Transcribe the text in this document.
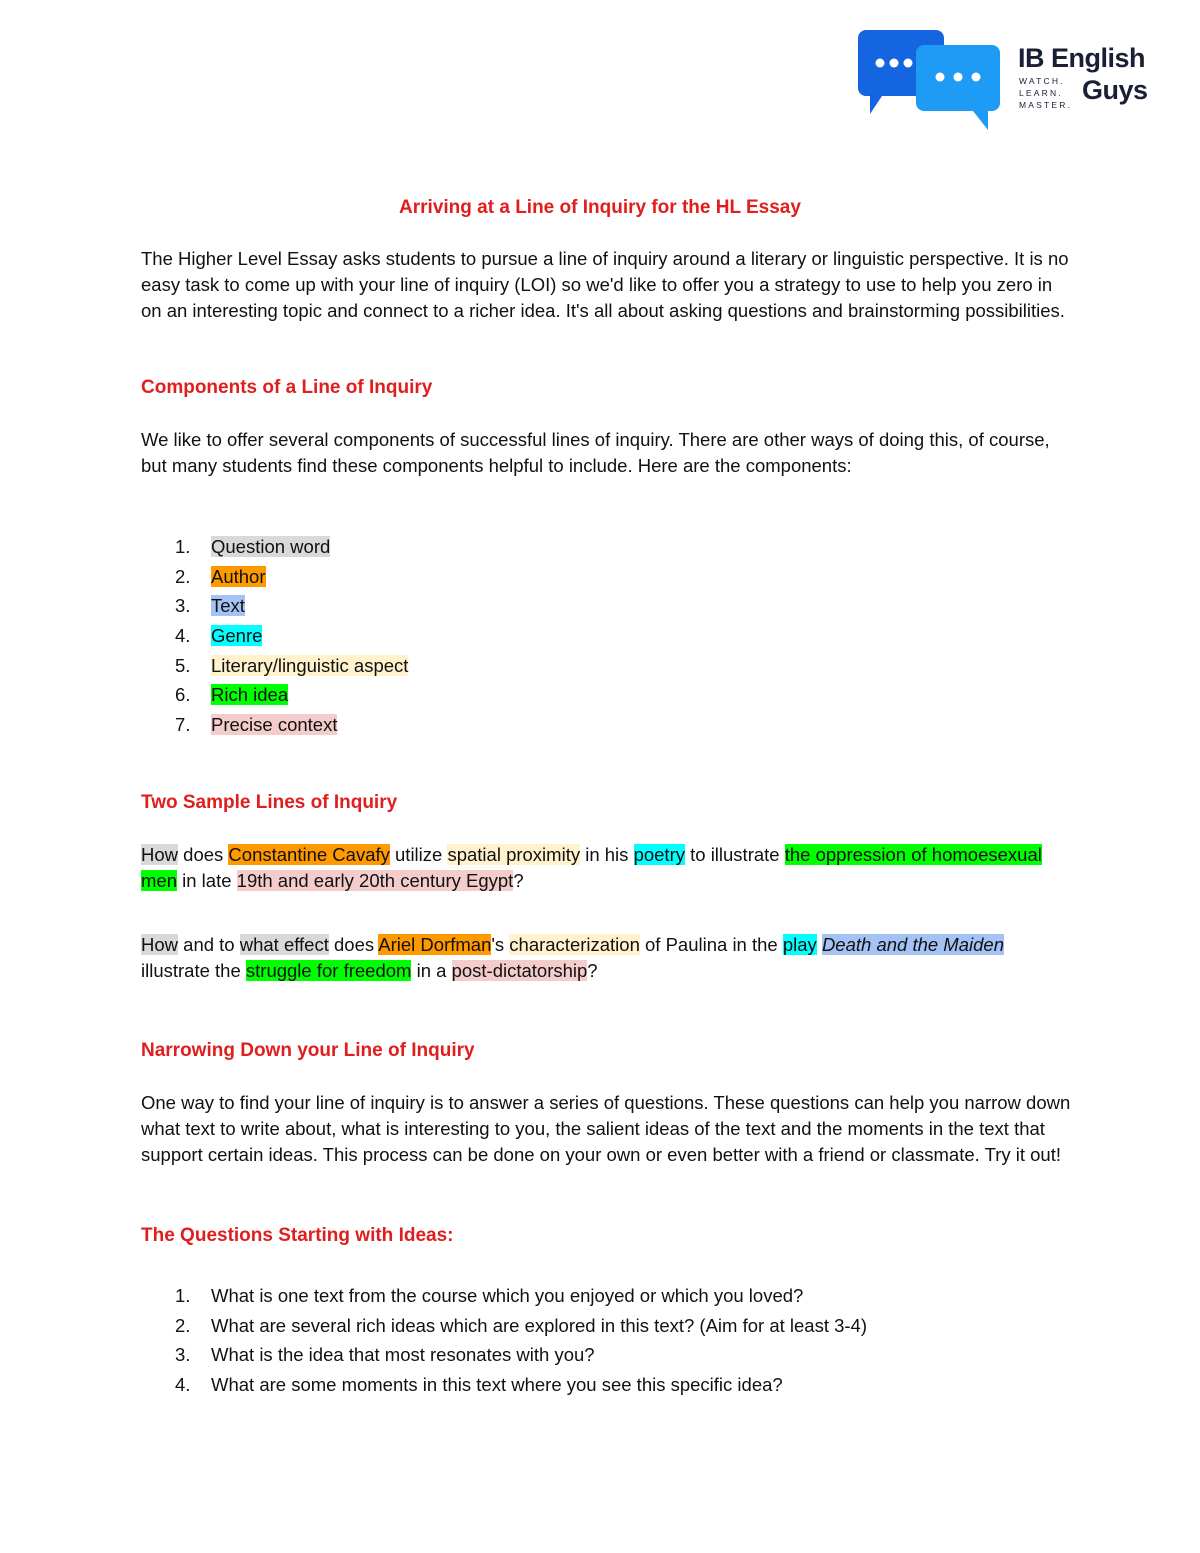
IB English
Guys
WATCH.
LEARN.
MASTER.
Arriving at a Line of Inquiry for the HL Essay

The Higher Level Essay asks students to pursue a line of inquiry around a literary or linguistic perspective. It is no easy task to come up with your line of inquiry (LOI) so we'd like to offer you a strategy to use to help you zero in on an interesting topic and connect to a richer idea. It's all about asking questions and brainstorming possibilities.

Components of a Line of Inquiry

We like to offer several components of successful lines of inquiry. There are other ways of doing this, of course, but many students find these components helpful to include. Here are the components:

1. Question word
2. Author
3. Text
4. Genre
5. Literary/linguistic aspect
6. Rich idea
7. Precise context
Two Sample Lines of Inquiry

How does Constantine Cavafy utilize spatial proximity in his poetry to illustrate the oppression of homoesexual men in late 19th and early 20th century Egypt?

How and to what effect does Ariel Dorfman's characterization of Paulina in the play Death and the Maiden illustrate the struggle for freedom in a post-dictatorship?

Narrowing Down your Line of Inquiry

One way to find your line of inquiry is to answer a series of questions. These questions can help you narrow down what text to write about, what is interesting to you, the salient ideas of the text and the moments in the text that support certain ideas. This process can be done on your own or even better with a friend or classmate. Try it out!

The Questions Starting with Ideas:
1. What is one text from the course which you enjoyed or which you loved?
2. What are several rich ideas which are explored in this text? (Aim for at least 3-4)
3. What is the idea that most resonates with you?
4. What are some moments in this text where you see this specific idea?
